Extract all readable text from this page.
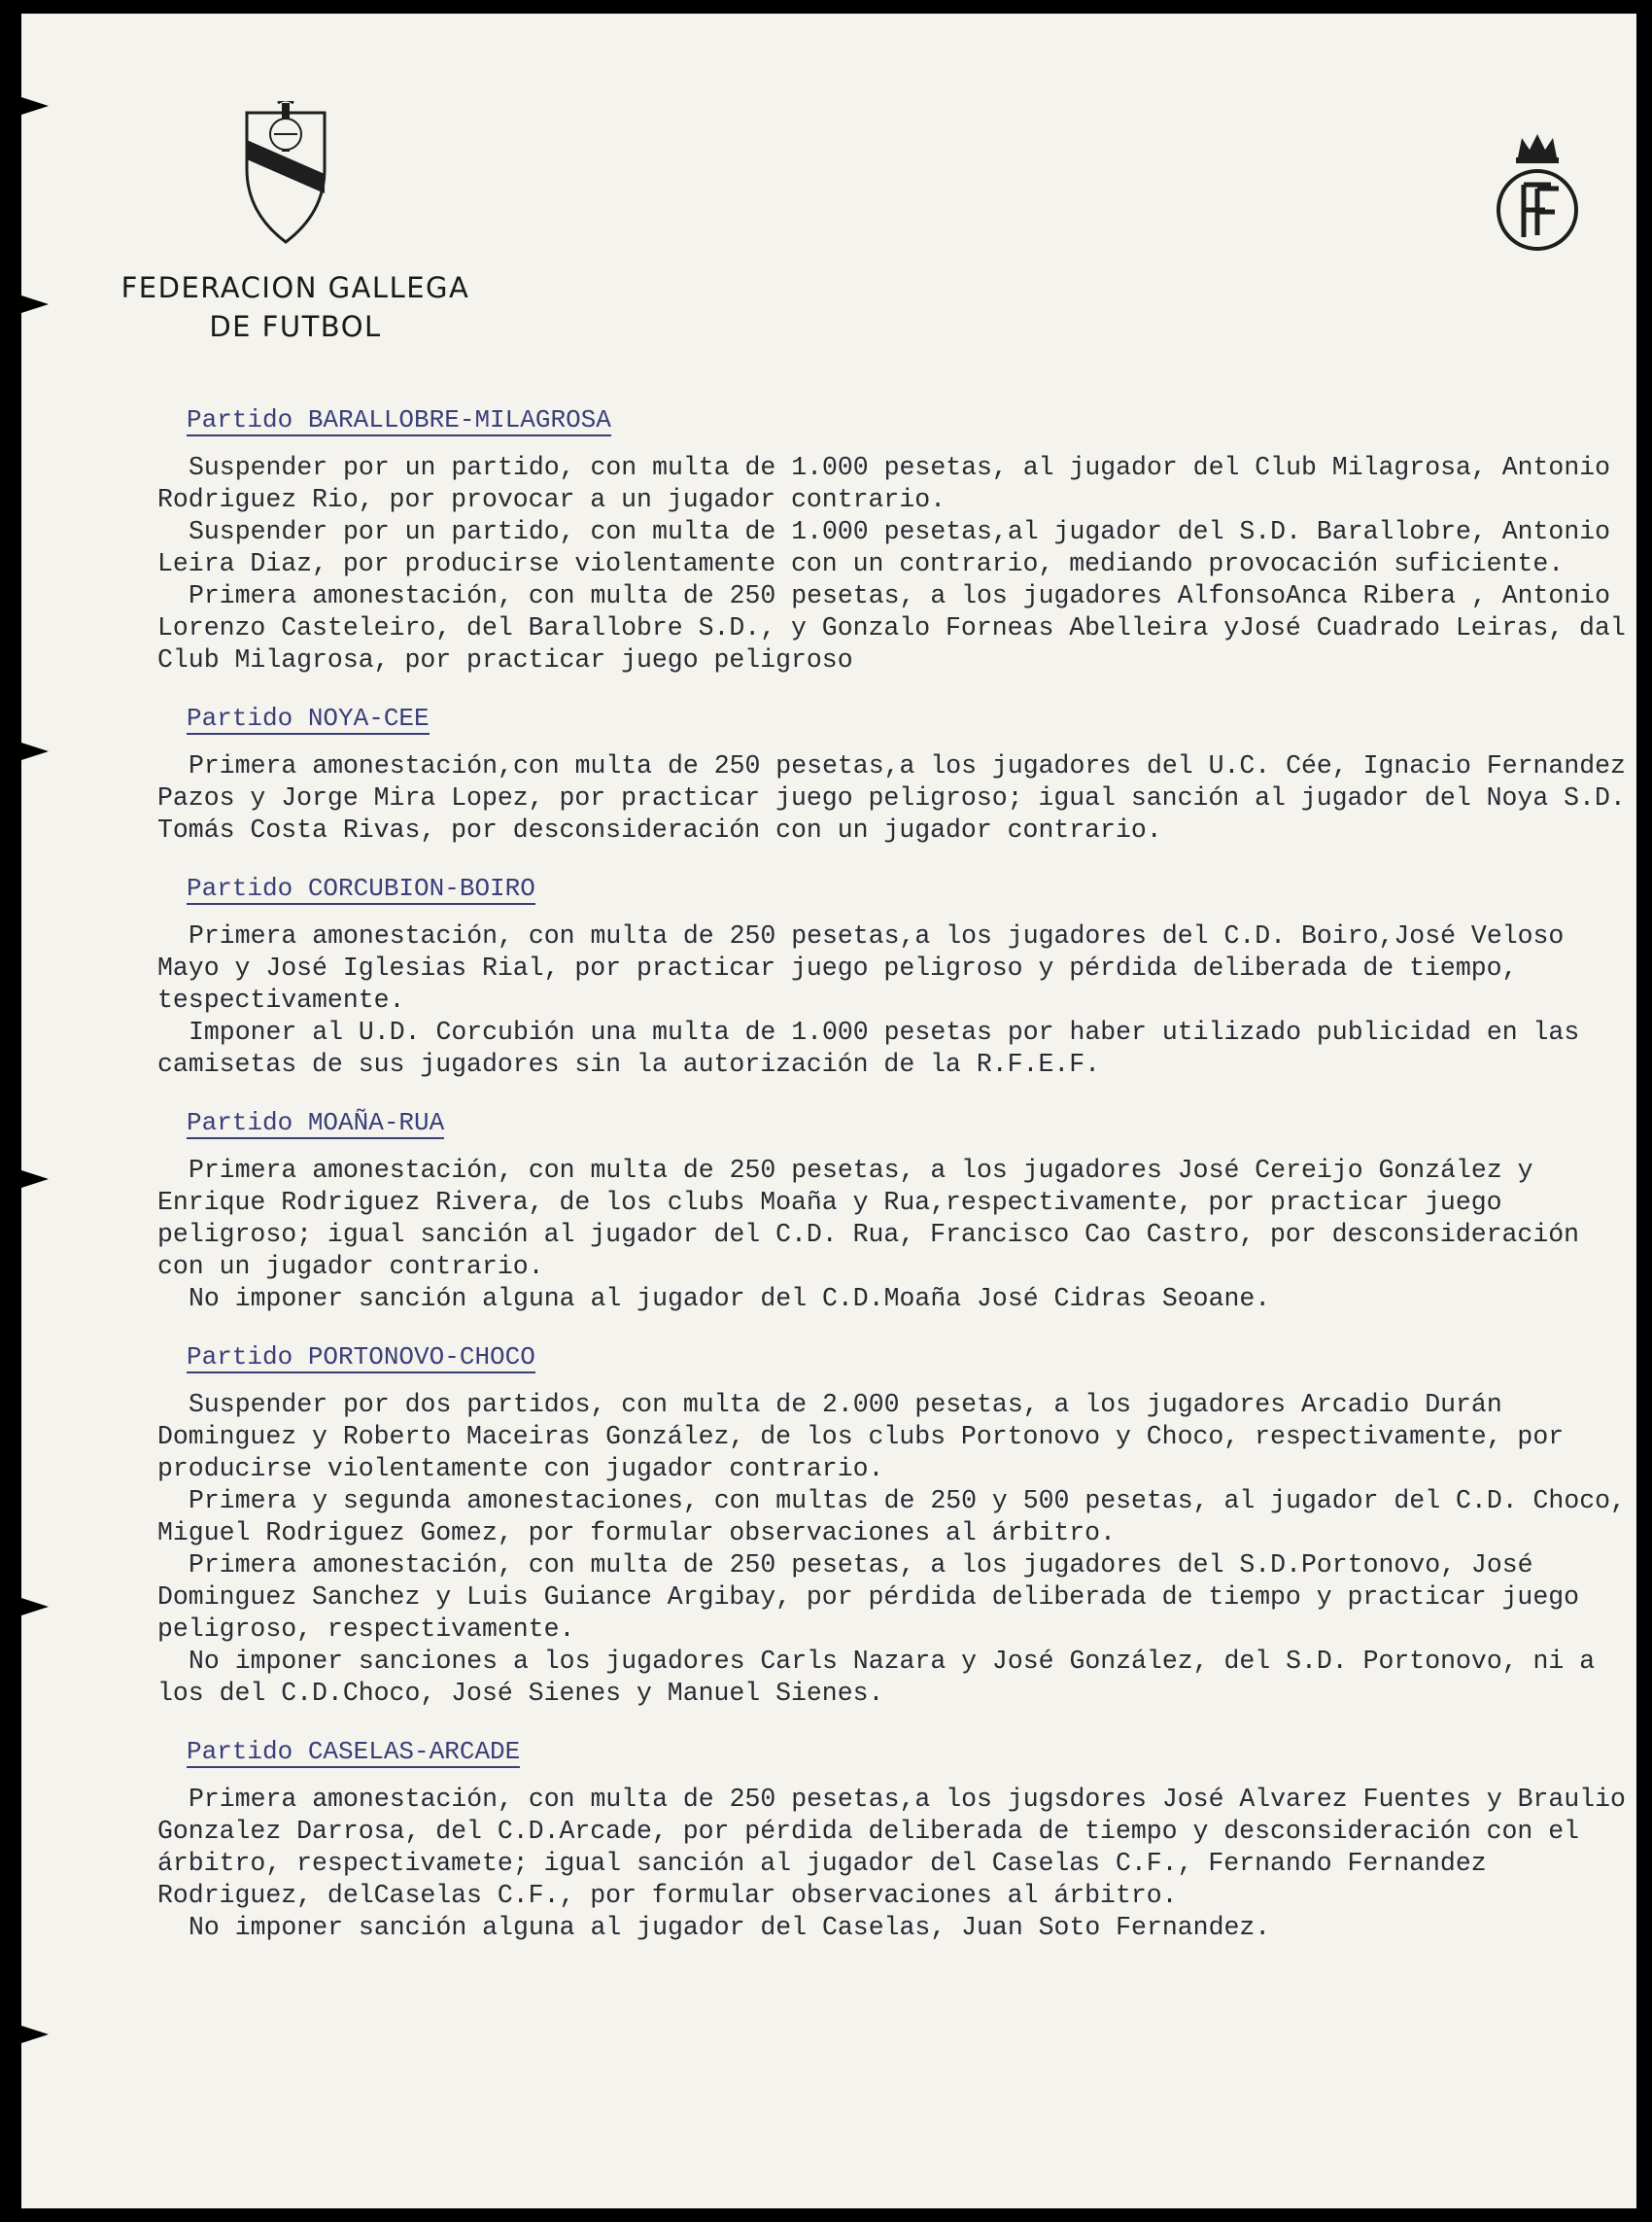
FEDERACION GALLEGA
DE FUTBOL
Partido BARALLOBRE-MILAGROSA

Suspender por un partido, con multa de 1.000 pesetas, al jugador del Club Milagrosa, Antonio Rodriguez Rio, por provocar a un jugador contrario.

Suspender por un partido, con multa de 1.000 pesetas,al jugador del S.D. Barallobre, Antonio Leira Diaz, por producirse violentamente con un contrario, mediando provocación suficiente.

Primera amonestación, con multa de 250 pesetas, a los jugadores AlfonsoAnca Ribera , Antonio Lorenzo Casteleiro, del Barallobre S.D., y Gonzalo Forneas Abelleira yJosé Cuadrado Leiras, dal Club Milagrosa, por practicar juego peligroso

Partido NOYA-CEE

Primera amonestación,con multa de 250 pesetas,a los jugadores del U.C. Cée, Ignacio Fernandez Pazos y Jorge Mira Lopez, por practicar juego peligroso; igual sanción al jugador del Noya S.D. Tomás Costa Rivas, por desconsideración con un jugador contrario.

Partido CORCUBION-BOIRO

Primera amonestación, con multa de 250 pesetas,a los jugadores del C.D. Boiro,José Veloso Mayo y José Iglesias Rial, por practicar juego peligroso y pérdida deliberada de tiempo, tespectivamente.

Imponer al U.D. Corcubión una multa de 1.000 pesetas por haber utilizado publicidad en las camisetas de sus jugadores sin la autorización de la R.F.E.F.

Partido MOAÑA-RUA

Primera amonestación, con multa de 250 pesetas, a los jugadores José Cereijo González y Enrique Rodriguez Rivera, de los clubs Moaña y Rua,respectivamente, por practicar juego peligroso; igual sanción al jugador del C.D. Rua, Francisco Cao Castro, por desconsideración con un jugador contrario.

No imponer sanción alguna al jugador del C.D.Moaña José Cidras Seoane.

Partido PORTONOVO-CHOCO

Suspender por dos partidos, con multa de 2.000 pesetas, a los jugadores Arcadio Durán Dominguez y Roberto Maceiras González, de los clubs Portonovo y Choco, respectivamente, por producirse violentamente con jugador contrario.

Primera y segunda amonestaciones, con multas de 250 y 500 pesetas, al jugador del C.D. Choco, Miguel Rodriguez Gomez, por formular observaciones al árbitro.

Primera amonestación, con multa de 250 pesetas, a los jugadores del S.D.Portonovo, José Dominguez Sanchez y Luis Guiance Argibay, por pérdida deliberada de tiempo y practicar juego peligroso, respectivamente.

No imponer sanciones a los jugadores Carls Nazara y José González, del S.D. Portonovo, ni a los del C.D.Choco, José Sienes y Manuel Sienes.

Partido CASELAS-ARCADE

Primera amonestación, con multa de 250 pesetas,a los jugsdores José Alvarez Fuentes y Braulio Gonzalez Darrosa, del C.D.Arcade, por pérdida deliberada de tiempo y desconsideración con el árbitro, respectivamete; igual sanción al jugador del Caselas C.F., Fernando Fernandez Rodriguez, delCaselas C.F., por formular observaciones al árbitro.

No imponer sanción alguna al jugador del Caselas, Juan Soto Fernandez.
